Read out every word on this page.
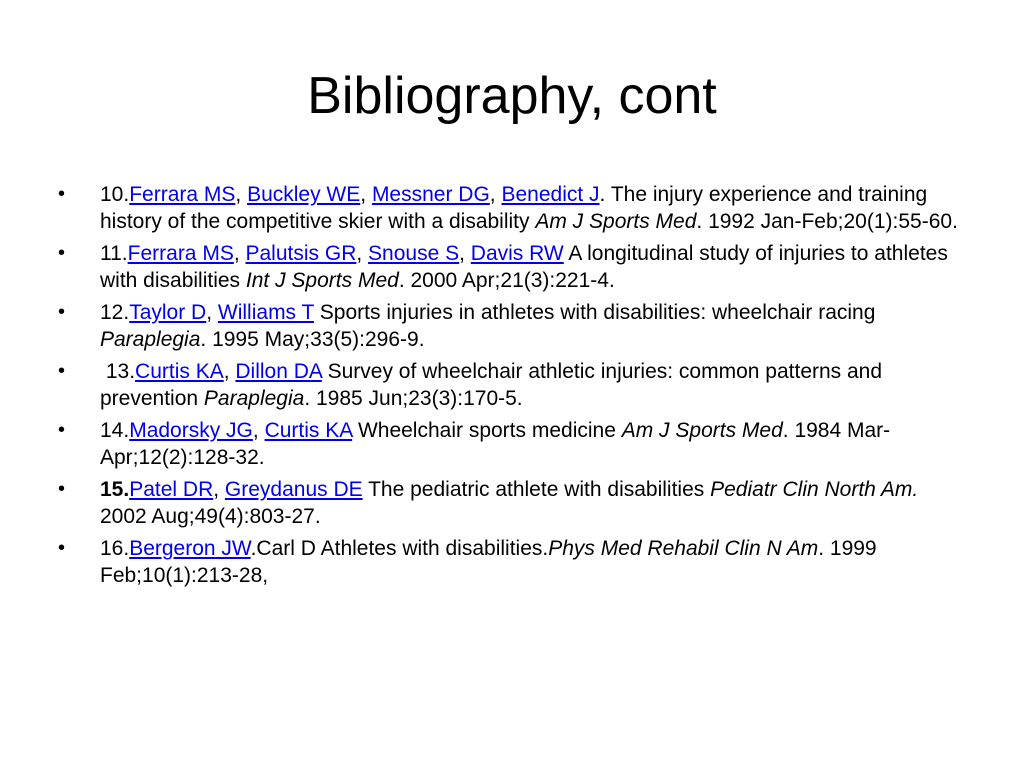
Bibliography, cont
• 10.Ferrara MS, Buckley WE, Messner DG, Benedict J. The injury experience and training history of the competitive skier with a disability Am J Sports Med. 1992 Jan-Feb;20(1):55-60.
• 11.Ferrara MS, Palutsis GR, Snouse S, Davis RW A longitudinal study of injuries to athletes with disabilities Int J Sports Med. 2000 Apr;21(3):221-4.
• 12.Taylor D, Williams T Sports injuries in athletes with disabilities: wheelchair racing Paraplegia. 1995 May;33(5):296-9.
• 13.Curtis KA, Dillon DA Survey of wheelchair athletic injuries: common patterns and prevention Paraplegia. 1985 Jun;23(3):170-5.
• 14.Madorsky JG, Curtis KA Wheelchair sports medicine Am J Sports Med. 1984 Mar-Apr;12(2):128-32.
• 15.Patel DR, Greydanus DE The pediatric athlete with disabilities Pediatr Clin North Am. 2002 Aug;49(4):803-27.
• 16.Bergeron JW.Carl D Athletes with disabilities.Phys Med Rehabil Clin N Am. 1999 Feb;10(1):213-28,
